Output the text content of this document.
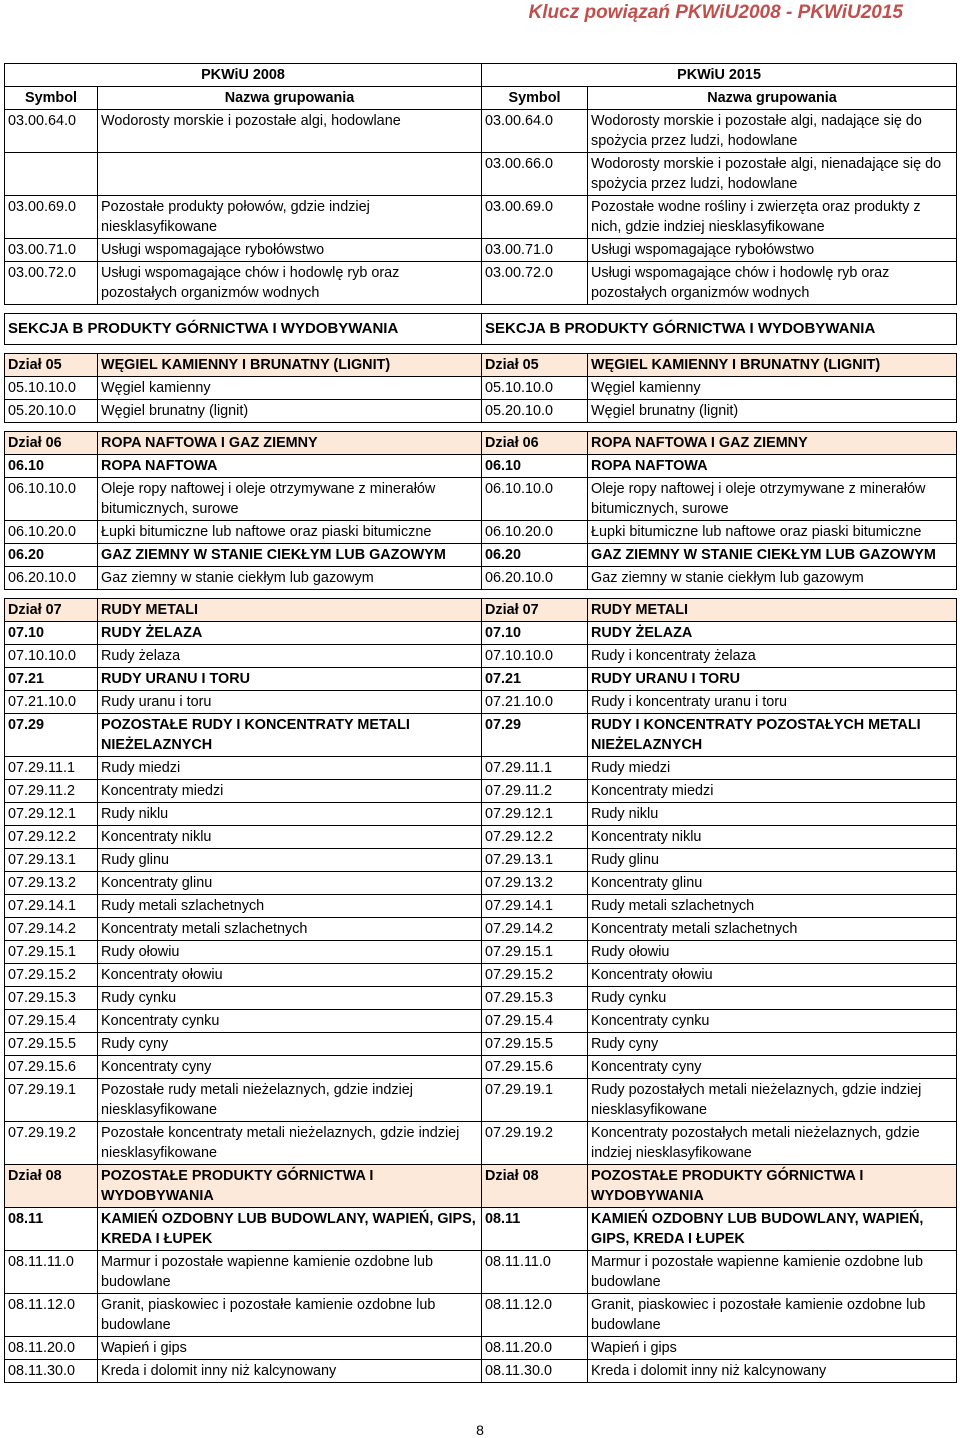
Klucz powiązań PKWiU2008 - PKWiU2015
PKWiU 2008		PKWiU 2015	
Symbol	Nazwa grupowania	Symbol	Nazwa grupowania
03.00.64.0	Wodorosty morskie i pozostałe algi, hodowlane	03.00.64.0	Wodorosty morskie i pozostałe algi, nadające się do spożycia przez ludzi, hodowlane
		03.00.66.0	Wodorosty morskie i pozostałe algi, nienadające się do spożycia przez ludzi, hodowlane
03.00.69.0	Pozostałe produkty połowów, gdzie indziej niesklasyfikowane	03.00.69.0	Pozostałe wodne rośliny i zwierzęta oraz produkty z nich, gdzie indziej niesklasyfikowane
03.00.71.0	Usługi wspomagające rybołówstwo	03.00.71.0	Usługi wspomagające rybołówstwo
03.00.72.0	Usługi wspomagające chów i hodowlę ryb oraz pozostałych organizmów wodnych	03.00.72.0	Usługi wspomagające chów i hodowlę ryb oraz pozostałych organizmów wodnych

SEKCJA B PRODUKTY GÓRNICTWA I WYDOBYWANIA		SEKCJA B PRODUKTY GÓRNICTWA I WYDOBYWANIA	

Dział 05	WĘGIEL KAMIENNY I BRUNATNY (LIGNIT)	Dział 05	WĘGIEL KAMIENNY I BRUNATNY (LIGNIT)
05.10.10.0	Węgiel kamienny	05.10.10.0	Węgiel kamienny
05.20.10.0	Węgiel brunatny (lignit)	05.20.10.0	Węgiel brunatny (lignit)

Dział 06	ROPA NAFTOWA I GAZ ZIEMNY	Dział 06	ROPA NAFTOWA I GAZ ZIEMNY
06.10	ROPA NAFTOWA	06.10	ROPA NAFTOWA
06.10.10.0	Oleje ropy naftowej i oleje otrzymywane z minerałów bitumicznych, surowe	06.10.10.0	Oleje ropy naftowej i oleje otrzymywane z minerałów bitumicznych, surowe
06.10.20.0	Łupki bitumiczne lub naftowe oraz piaski bitumiczne	06.10.20.0	Łupki bitumiczne lub naftowe oraz piaski bitumiczne
06.20	GAZ ZIEMNY W STANIE CIEKŁYM LUB GAZOWYM	06.20	GAZ ZIEMNY W STANIE CIEKŁYM LUB GAZOWYM
06.20.10.0	Gaz ziemny w stanie ciekłym lub gazowym	06.20.10.0	Gaz ziemny w stanie ciekłym lub gazowym

Dział 07	RUDY METALI	Dział 07	RUDY METALI
07.10	RUDY ŻELAZA	07.10	RUDY ŻELAZA
07.10.10.0	Rudy żelaza	07.10.10.0	Rudy i koncentraty żelaza
07.21	RUDY URANU I TORU	07.21	RUDY URANU I TORU
07.21.10.0	Rudy uranu i toru	07.21.10.0	Rudy i koncentraty uranu i toru
07.29	POZOSTAŁE RUDY I KONCENTRATY METALI NIEŻELAZNYCH	07.29	RUDY I KONCENTRATY POZOSTAŁYCH METALI NIEŻELAZNYCH
07.29.11.1	Rudy miedzi	07.29.11.1	Rudy miedzi
07.29.11.2	Koncentraty miedzi	07.29.11.2	Koncentraty miedzi
07.29.12.1	Rudy niklu	07.29.12.1	Rudy niklu
07.29.12.2	Koncentraty niklu	07.29.12.2	Koncentraty niklu
07.29.13.1	Rudy glinu	07.29.13.1	Rudy glinu
07.29.13.2	Koncentraty glinu	07.29.13.2	Koncentraty glinu
07.29.14.1	Rudy metali szlachetnych	07.29.14.1	Rudy metali szlachetnych
07.29.14.2	Koncentraty metali szlachetnych	07.29.14.2	Koncentraty metali szlachetnych
07.29.15.1	Rudy ołowiu	07.29.15.1	Rudy ołowiu
07.29.15.2	Koncentraty ołowiu	07.29.15.2	Koncentraty ołowiu
07.29.15.3	Rudy cynku	07.29.15.3	Rudy cynku
07.29.15.4	Koncentraty cynku	07.29.15.4	Koncentraty cynku
07.29.15.5	Rudy cyny	07.29.15.5	Rudy cyny
07.29.15.6	Koncentraty cyny	07.29.15.6	Koncentraty cyny
07.29.19.1	Pozostałe rudy metali nieżelaznych, gdzie indziej niesklasyfikowane	07.29.19.1	Rudy pozostałych metali nieżelaznych, gdzie indziej niesklasyfikowane
07.29.19.2	Pozostałe koncentraty metali nieżelaznych, gdzie indziej niesklasyfikowane	07.29.19.2	Koncentraty pozostałych metali nieżelaznych, gdzie indziej niesklasyfikowane
Dział 08	POZOSTAŁE PRODUKTY GÓRNICTWA I WYDOBYWANIA	Dział 08	POZOSTAŁE PRODUKTY GÓRNICTWA I WYDOBYWANIA
08.11	KAMIEŃ OZDOBNY LUB BUDOWLANY, WAPIEŃ, GIPS, KREDA I ŁUPEK	08.11	KAMIEŃ OZDOBNY LUB BUDOWLANY, WAPIEŃ, GIPS, KREDA I ŁUPEK
08.11.11.0	Marmur i pozostałe wapienne kamienie ozdobne lub budowlane	08.11.11.0	Marmur i pozostałe wapienne kamienie ozdobne lub budowlane
08.11.12.0	Granit, piaskowiec i pozostałe kamienie ozdobne lub budowlane	08.11.12.0	Granit, piaskowiec i pozostałe kamienie ozdobne lub budowlane
08.11.20.0	Wapień i gips	08.11.20.0	Wapień i gips
08.11.30.0	Kreda i dolomit inny niż kalcynowany	08.11.30.0	Kreda i dolomit inny niż kalcynowany
8
